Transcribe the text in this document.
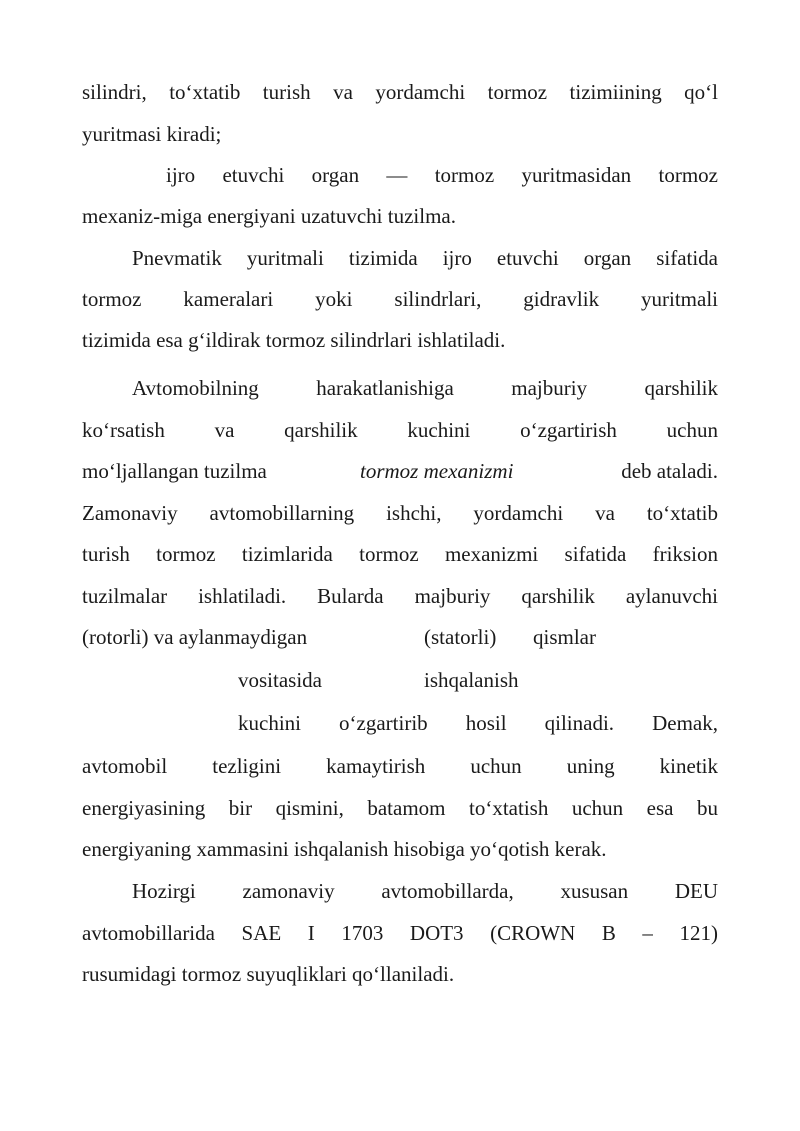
silindri, to‘xtatib turish va yordamchi tormoz tizimiining qo‘l
yuritmasi kiradi;
ijro etuvchi organ — tormoz yuritmasidan tormoz
mexaniz-miga energiyani uzatuvchi tuzilma.
Pnevmatik yuritmali tizimida ijro etuvchi organ sifatida
tormoz kameralari yoki silindrlari, gidravlik yuritmali
tizimida esa g‘ildirak tormoz silindrlari ishlatiladi.
Avtomobilning harakatlanishiga majburiy qarshilik
ko‘rsatish va qarshilik kuchini o‘zgartirish uchun
mo‘ljallangan tuzilma	tormoz mexanizmi	deb ataladi.
Zamonaviy avtomobillarning ishchi, yordamchi va to‘xtatib
turish tormoz tizimlarida tormoz mexanizmi sifatida friksion
tuzilmalar ishlatiladi. Bularda majburiy qarshilik aylanuvchi
(rotorli) va aylanmaydigan	(statorli) qismlar
vositasida	ishqalanish
kuchini o‘zgartirib hosil qilinadi. Demak,
avtomobil tezligini kamaytirish uchun uning kinetik
energiyasining bir qismini, batamom to‘xtatish uchun esa bu
energiyaning xammasini ishqalanish hisobiga yo‘qotish kerak.
Hozirgi zamonaviy avtomobillarda, xususan DEU
avtomobillarida SAE I 1703 DOT3 (CROWN B – 121)
rusumidagi tormoz suyuqliklari qo‘llaniladi.
